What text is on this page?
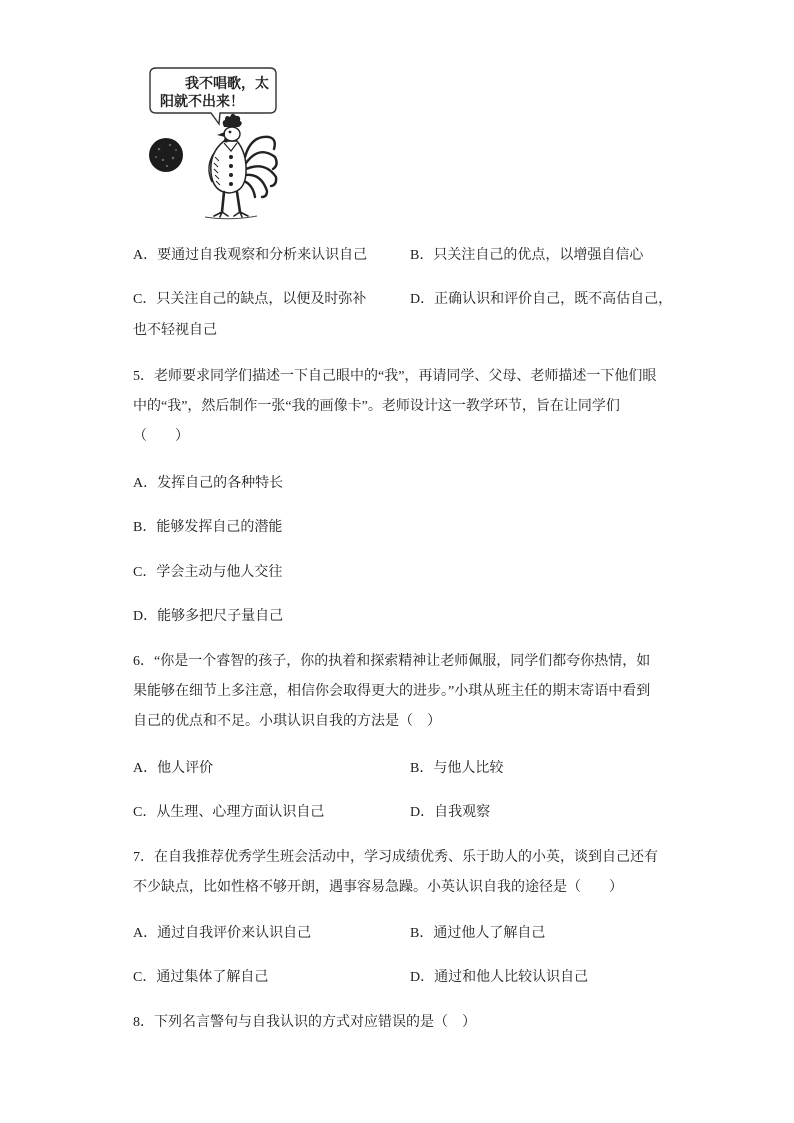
我不唱歌，太
阳就不出来！
A．要通过自我观察和分析来认识自己	B．只关注自己的优点，以增强自信心
C．只关注自己的缺点，以便及时弥补	D．正确认识和评价自己，既不高估自己，
也不轻视自己
5．老师要求同学们描述一下自己眼中的“我”，再请同学、父母、老师描述一下他们眼
中的“我”，然后制作一张“我的画像卡”。老师设计这一教学环节，旨在让同学们
（　　）
A．发挥自己的各种特长
B．能够发挥自己的潜能
C．学会主动与他人交往
D．能够多把尺子量自己
6．“你是一个睿智的孩子，你的执着和探索精神让老师佩服，同学们都夸你热情，如
果能够在细节上多注意，相信你会取得更大的进步。”小琪从班主任的期末寄语中看到
自己的优点和不足。小琪认识自我的方法是（　）
A．他人评价	B．与他人比较
C．从生理、心理方面认识自己	D．自我观察
7．在自我推荐优秀学生班会活动中，学习成绩优秀、乐于助人的小英，谈到自己还有
不少缺点，比如性格不够开朗，遇事容易急躁。小英认识自我的途径是（　　）
A．通过自我评价来认识自己	B．通过他人了解自己
C．通过集体了解自己	D．通过和他人比较认识自己
8．下列名言警句与自我认识的方式对应错误的是（　）
